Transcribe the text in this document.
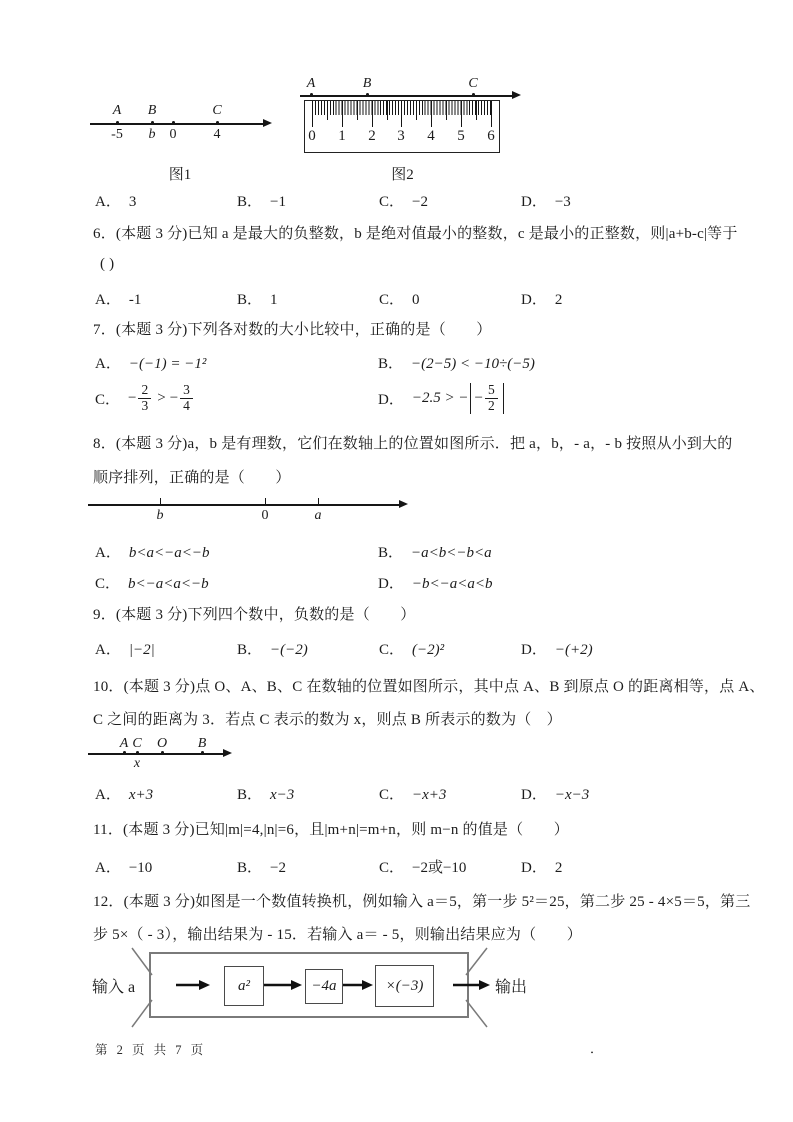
A	B	C
-5	b	0	4
A	B	C
0	1	2	3	4	5	6
图1	图2
A． 3	B． −1	C． −2	D． −3
6．(本题 3 分)已知 a 是最大的负整数，b 是绝对值最小的整数，c 是最小的正整数，则|a+b-c|等于
( )
A． -1	B． 1	C． 0	D． 2
7．(本题 3 分)下列各对数的大小比较中，正确的是（　　）
A． −(−1) = −1²	B． −(2−5) < −10÷(−5)
C． − $\frac{2}{3}$ > − $\frac{3}{4}$	D． −2.5 > − − $\frac{5}{2}$
8．(本题 3 分)a，b 是有理数，它们在数轴上的位置如图所示．把 a，b，- a，- b 按照从小到大的
顺序排列，正确的是（　　）
b	0	a
A． b<a<−a<−b	B． −a<b<−b<a
C． b<−a<a<−b	D． −b<−a<a<b
9．(本题 3 分)下列四个数中，负数的是（　　）
A． |−2|	B． −(−2)	C． (−2)²	D． −(+2)
10．(本题 3 分)点 O、A、B、C 在数轴的位置如图所示，其中点 A、B 到原点 O 的距离相等，点 A、
C 之间的距离为 3．若点 C 表示的数为 x，则点 B 所表示的数为（　）
A C	O	B
x
A． x+3	B． x−3	C． −x+3	D． −x−3
11．(本题 3 分)已知|m|=4,|n|=6，且|m+n|=m+n，则 m−n 的值是（　　）
A． −10	B． −2	C． −2或−10	D． 2
12．(本题 3 分)如图是一个数值转换机，例如输入 a＝5，第一步 5²＝25，第二步 25 - 4×5＝5，第三
步 5×（ - 3），输出结果为 - 15．若输入 a＝ - 5，则输出结果应为（　　）
输入 a	a²	−4a	×(−3)	输出
第 2 页 共 7 页	．
